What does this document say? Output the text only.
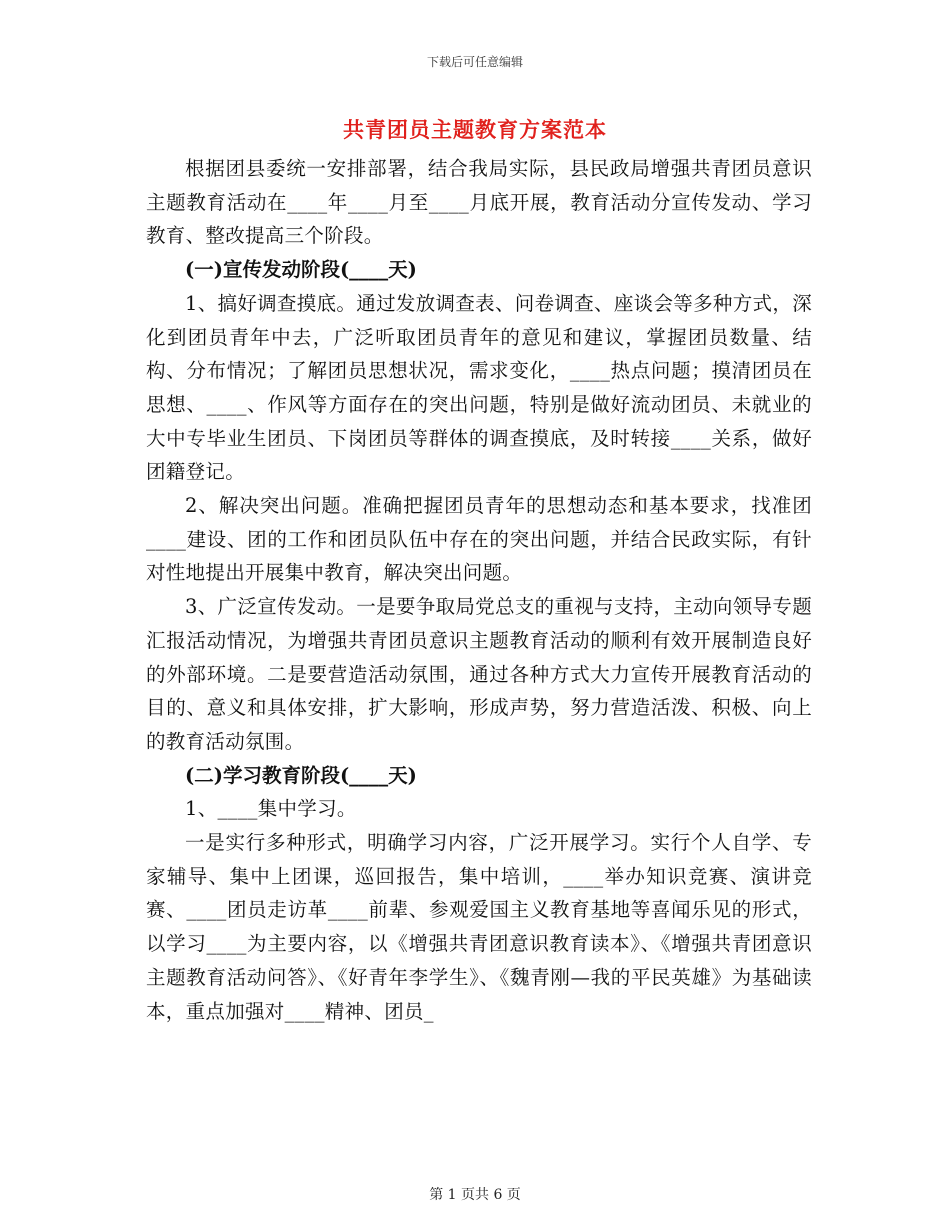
下载后可任意编辑
共青团员主题教育方案范本

根据团县委统一安排部署，结合我局实际，县民政局增强共青团员意识主题教育活动在____年____月至____月底开展，教育活动分宣传发动、学习教育、整改提高三个阶段。

(一)宣传发动阶段(____天)

1、搞好调查摸底。通过发放调查表、问卷调查、座谈会等多种方式，深化到团员青年中去，广泛听取团员青年的意见和建议，掌握团员数量、结构、分布情况；了解团员思想状况，需求变化，____热点问题；摸清团员在思想、____、作风等方面存在的突出问题，特别是做好流动团员、未就业的大中专毕业生团员、下岗团员等群体的调查摸底，及时转接____关系，做好团籍登记。

2、解决突出问题。准确把握团员青年的思想动态和基本要求，找准团____建设、团的工作和团员队伍中存在的突出问题，并结合民政实际，有针对性地提出开展集中教育，解决突出问题。

3、广泛宣传发动。一是要争取局党总支的重视与支持，主动向领导专题汇报活动情况，为增强共青团员意识主题教育活动的顺利有效开展制造良好的外部环境。二是要营造活动氛围，通过各种方式大力宣传开展教育活动的目的、意义和具体安排，扩大影响，形成声势，努力营造活泼、积极、向上的教育活动氛围。

(二)学习教育阶段(____天)

1、____集中学习。

一是实行多种形式，明确学习内容，广泛开展学习。实行个人自学、专家辅导、集中上团课，巡回报告，集中培训，____举办知识竞赛、演讲竞赛、____团员走访革____前辈、参观爱国主义教育基地等喜闻乐见的形式，以学习____为主要内容，以《增强共青团意识教育读本》、《增强共青团意识主题教育活动问答》、《好青年李学生》、《魏青刚—我的平民英雄》为基础读本，重点加强对____精神、团员_

第 1 页共 6 页
